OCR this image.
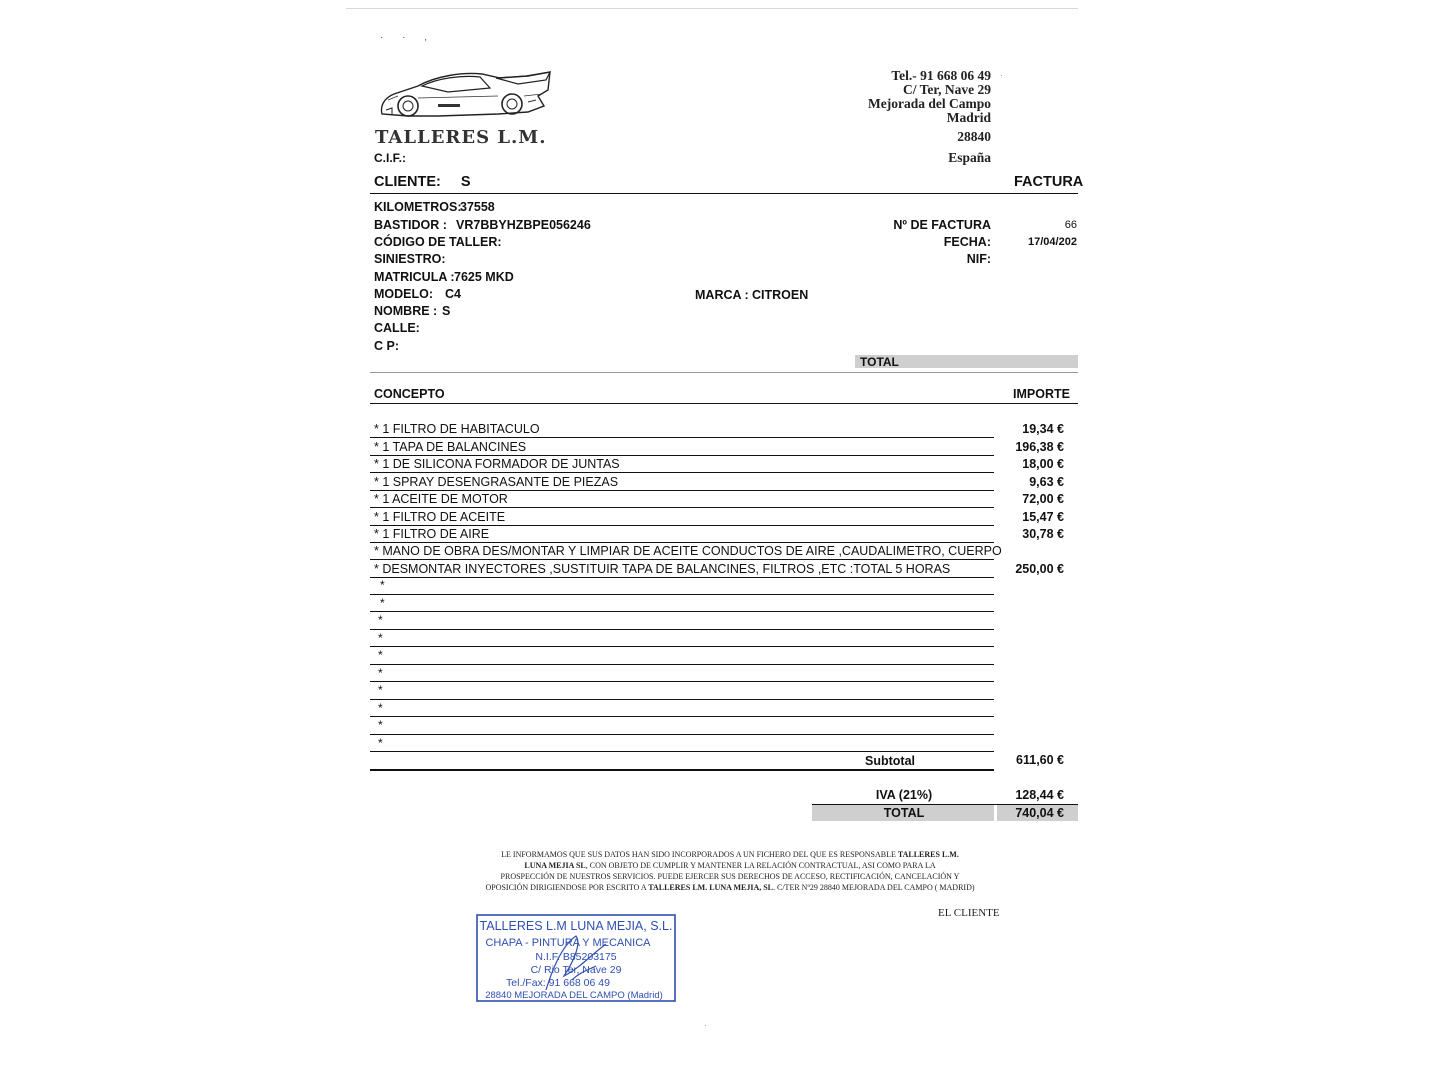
· · ,
TALLERES L.M.
C.I.F.:
Tel.- 91 668 06 49
C/ Ter, Nave 29
Mejorada del Campo
Madrid
28840
España
CLIENTE: S	FACTURA
KILOMETROS:
37558
BASTIDOR : VR7BBYHZBPE056246
CÓDIGO DE TALLER:
SINIESTRO:
MATRICULA : 7625 MKD
MODELO: C4	MARCA : CITROEN
NOMBRE : S
CALLE:
C P:
Nº DE FACTURA	66
FECHA:	17/04/202
NIF:
TOTAL
CONCEPTO	IMPORTE
* 1 FILTRO DE HABITACULO	19,34 €
* 1 TAPA DE BALANCINES	196,38 €
* 1 DE SILICONA FORMADOR DE JUNTAS	18,00 €
* 1 SPRAY DESENGRASANTE DE PIEZAS	9,63 €
* 1 ACEITE DE MOTOR	72,00 €
* 1 FILTRO DE ACEITE	15,47 €
* 1 FILTRO DE AIRE	30,78 €
* MANO DE OBRA DES/MONTAR Y LIMPIAR DE ACEITE CONDUCTOS DE AIRE ,CAUDALIMETRO, CUERPO
* DESMONTAR INYECTORES ,SUSTITUIR TAPA DE BALANCINES, FILTROS ,ETC :TOTAL 5 HORAS	250,00 €
*
*
*
*
*
*
*
*
*
*
Subtotal	611,60 €
IVA (21%)	128,44 €
TOTAL	740,04 €
LE INFORMAMOS QUE SUS DATOS HAN SIDO INCORPORADOS A UN FICHERO DEL QUE ES RESPONSABLE TALLERES L.M.
LUNA MEJIA SL, CON OBJETO DE CUMPLIR Y MANTENER LA RELACIÓN CONTRACTUAL, ASI COMO PARA LA
PROSPECCIÓN DE NUESTROS SERVICIOS. PUEDE EJERCER SUS DERECHOS DE ACCESO, RECTIFICACIÓN, CANCELACIÓN Y
OPOSICIÓN DIRIGIENDOSE POR ESCRITO A TALLERES LM. LUNA MEJIA, SL. C/TER Nº29 28840 MEJORADA DEL CAMPO ( MADRID)
EL CLIENTE
TALLERES L.M LUNA MEJIA, S.L.
CHAPA - PINTURA Y MECANICA
N.I.F. B85203175
C/ Rio Ter, Nave 29
Tel./Fax: 91 668 06 49
28840 MEJORADA DEL CAMPO (Madrid)
·
·
